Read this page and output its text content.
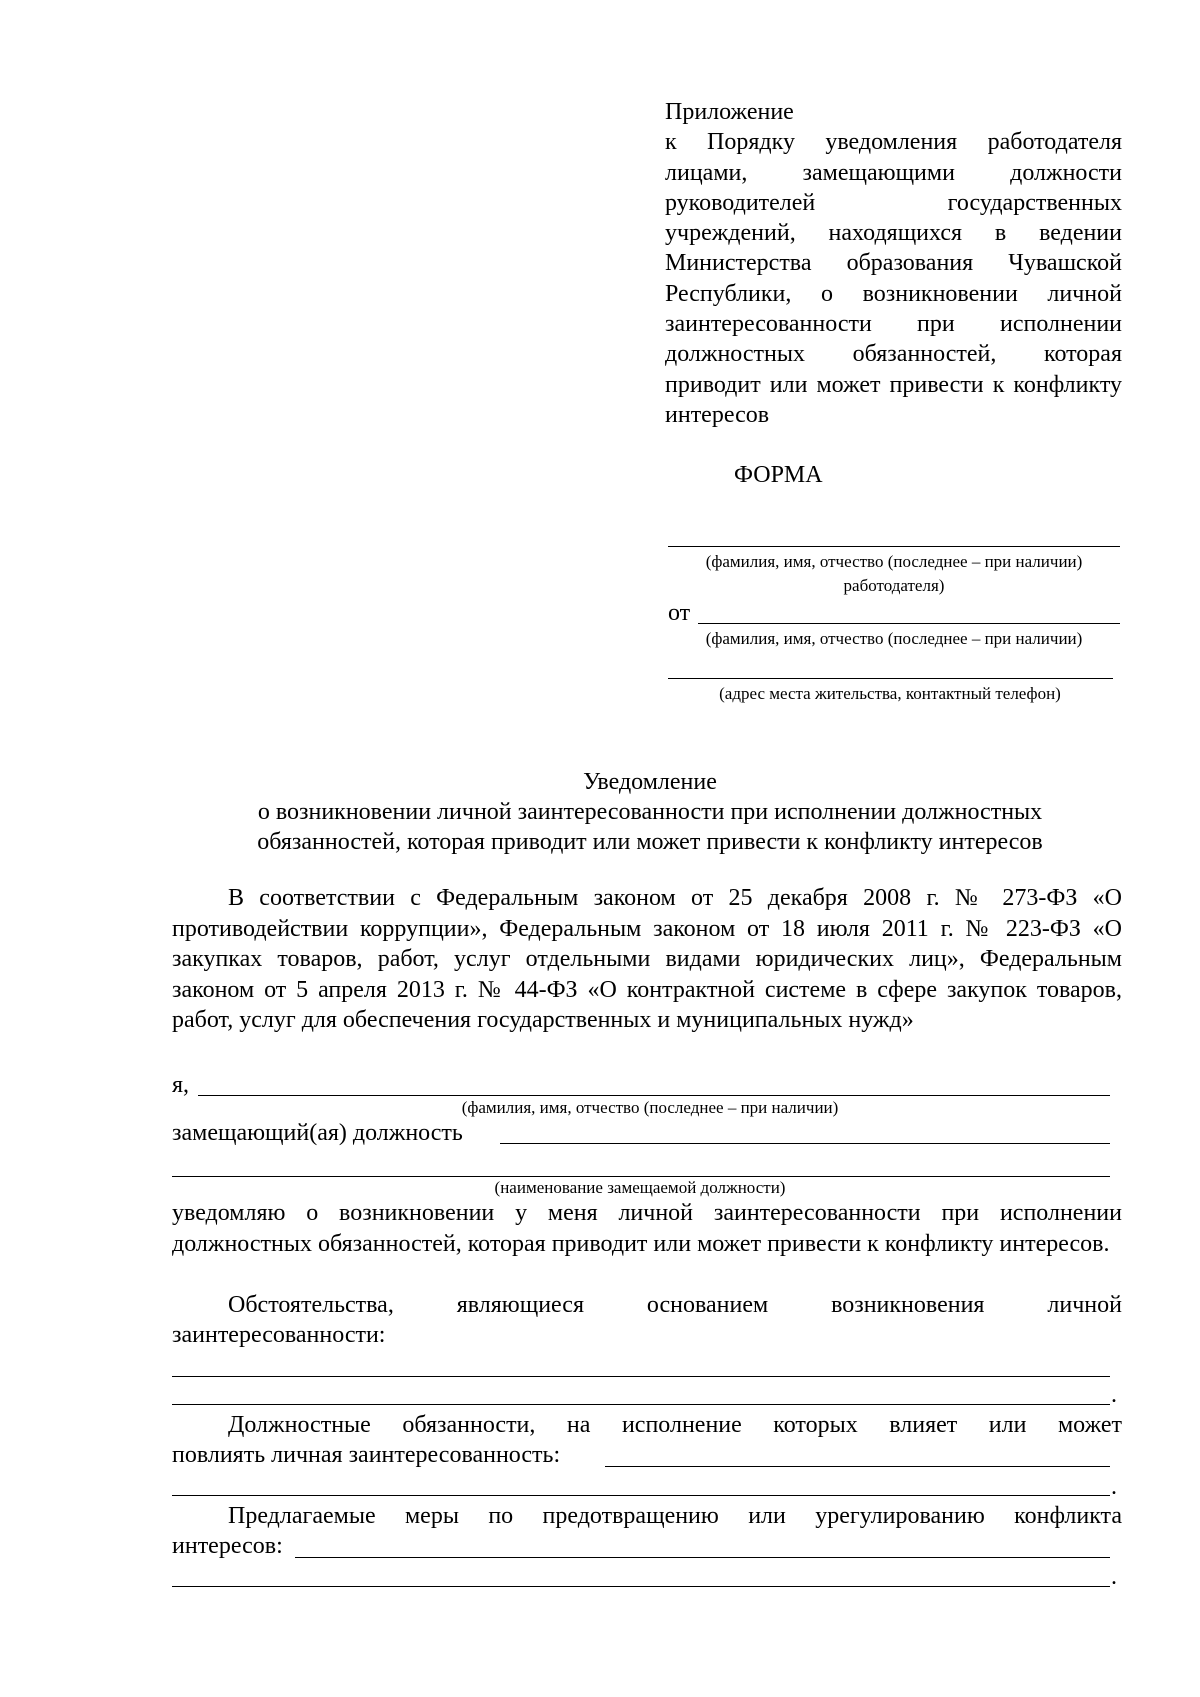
Приложение
к Порядку уведомления работодателя лицами, замещающими должности руководителей государственных учреждений, находящихся в ведении Министерства образования Чувашской Республики, о возникновении личной заинтересованности при исполнении должностных обязанностей, которая приводит или может привести к конфликту интересов
ФОРМА
(фамилия, имя, отчество (последнее – при наличии)
работодателя)
от
(фамилия, имя, отчество (последнее – при наличии)
(адрес места жительства, контактный телефон)
Уведомление
о возникновении личной заинтересованности при исполнении должностных
обязанностей, которая приводит или может привести к конфликту интересов
В соответствии с Федеральным законом от 25 декабря 2008 г. № 273-ФЗ «О противодействии коррупции», Федеральным законом от 18 июля 2011 г. № 223-ФЗ «О закупках товаров, работ, услуг отдельными видами юридических лиц», Федеральным законом от 5 апреля 2013 г. № 44-ФЗ «О контрактной системе в сфере закупок товаров, работ, услуг для обеспечения государственных и муниципальных нужд»
я,
(фамилия, имя, отчество (последнее – при наличии)
замещающий(ая) должность
(наименование замещаемой должности)
уведомляю о возникновении у меня личной заинтересованности при исполнении должностных обязанностей, которая приводит или может привести к конфликту интересов.
Обстоятельства,	являющиеся	основанием	возникновения	личной
заинтересованности:
.
Должностные обязанности, на исполнение которых влияет или может
повлиять личная заинтересованность:
.
Предлагаемые меры по предотвращению или урегулированию конфликта
интересов:
.
